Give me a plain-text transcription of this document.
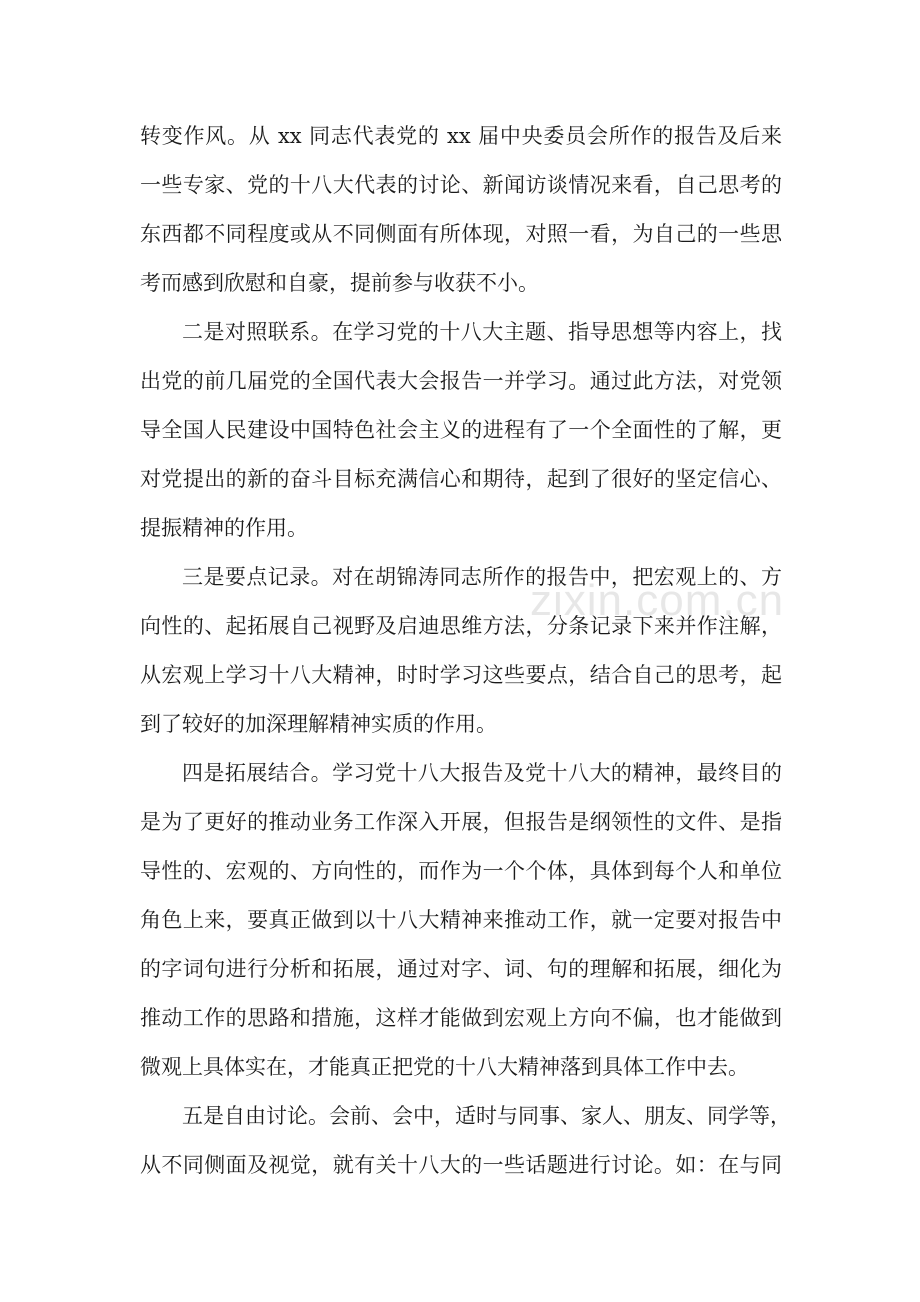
转变作风。从 xx 同志代表党的 xx 届中央委员会所作的报告及后来
一些专家、党的十八大代表的讨论、新闻访谈情况来看，自己思考的
东西都不同程度或从不同侧面有所体现，对照一看，为自己的一些思
考而感到欣慰和自豪，提前参与收获不小。
二是对照联系。在学习党的十八大主题、指导思想等内容上，找
出党的前几届党的全国代表大会报告一并学习。通过此方法，对党领
导全国人民建设中国特色社会主义的进程有了一个全面性的了解，更
对党提出的新的奋斗目标充满信心和期待，起到了很好的坚定信心、
提振精神的作用。
三是要点记录。对在胡锦涛同志所作的报告中，把宏观上的、方
向性的、起拓展自己视野及启迪思维方法，分条记录下来并作注解，
从宏观上学习十八大精神，时时学习这些要点，结合自己的思考，起
到了较好的加深理解精神实质的作用。
四是拓展结合。学习党十八大报告及党十八大的精神，最终目的
是为了更好的推动业务工作深入开展，但报告是纲领性的文件、是指
导性的、宏观的、方向性的，而作为一个个体，具体到每个人和单位
角色上来，要真正做到以十八大精神来推动工作，就一定要对报告中
的字词句进行分析和拓展，通过对字、词、句的理解和拓展，细化为
推动工作的思路和措施，这样才能做到宏观上方向不偏，也才能做到
微观上具体实在，才能真正把党的十八大精神落到具体工作中去。
五是自由讨论。会前、会中，适时与同事、家人、朋友、同学等，
从不同侧面及视觉，就有关十八大的一些话题进行讨论。如：在与同
zixin.com.cn
